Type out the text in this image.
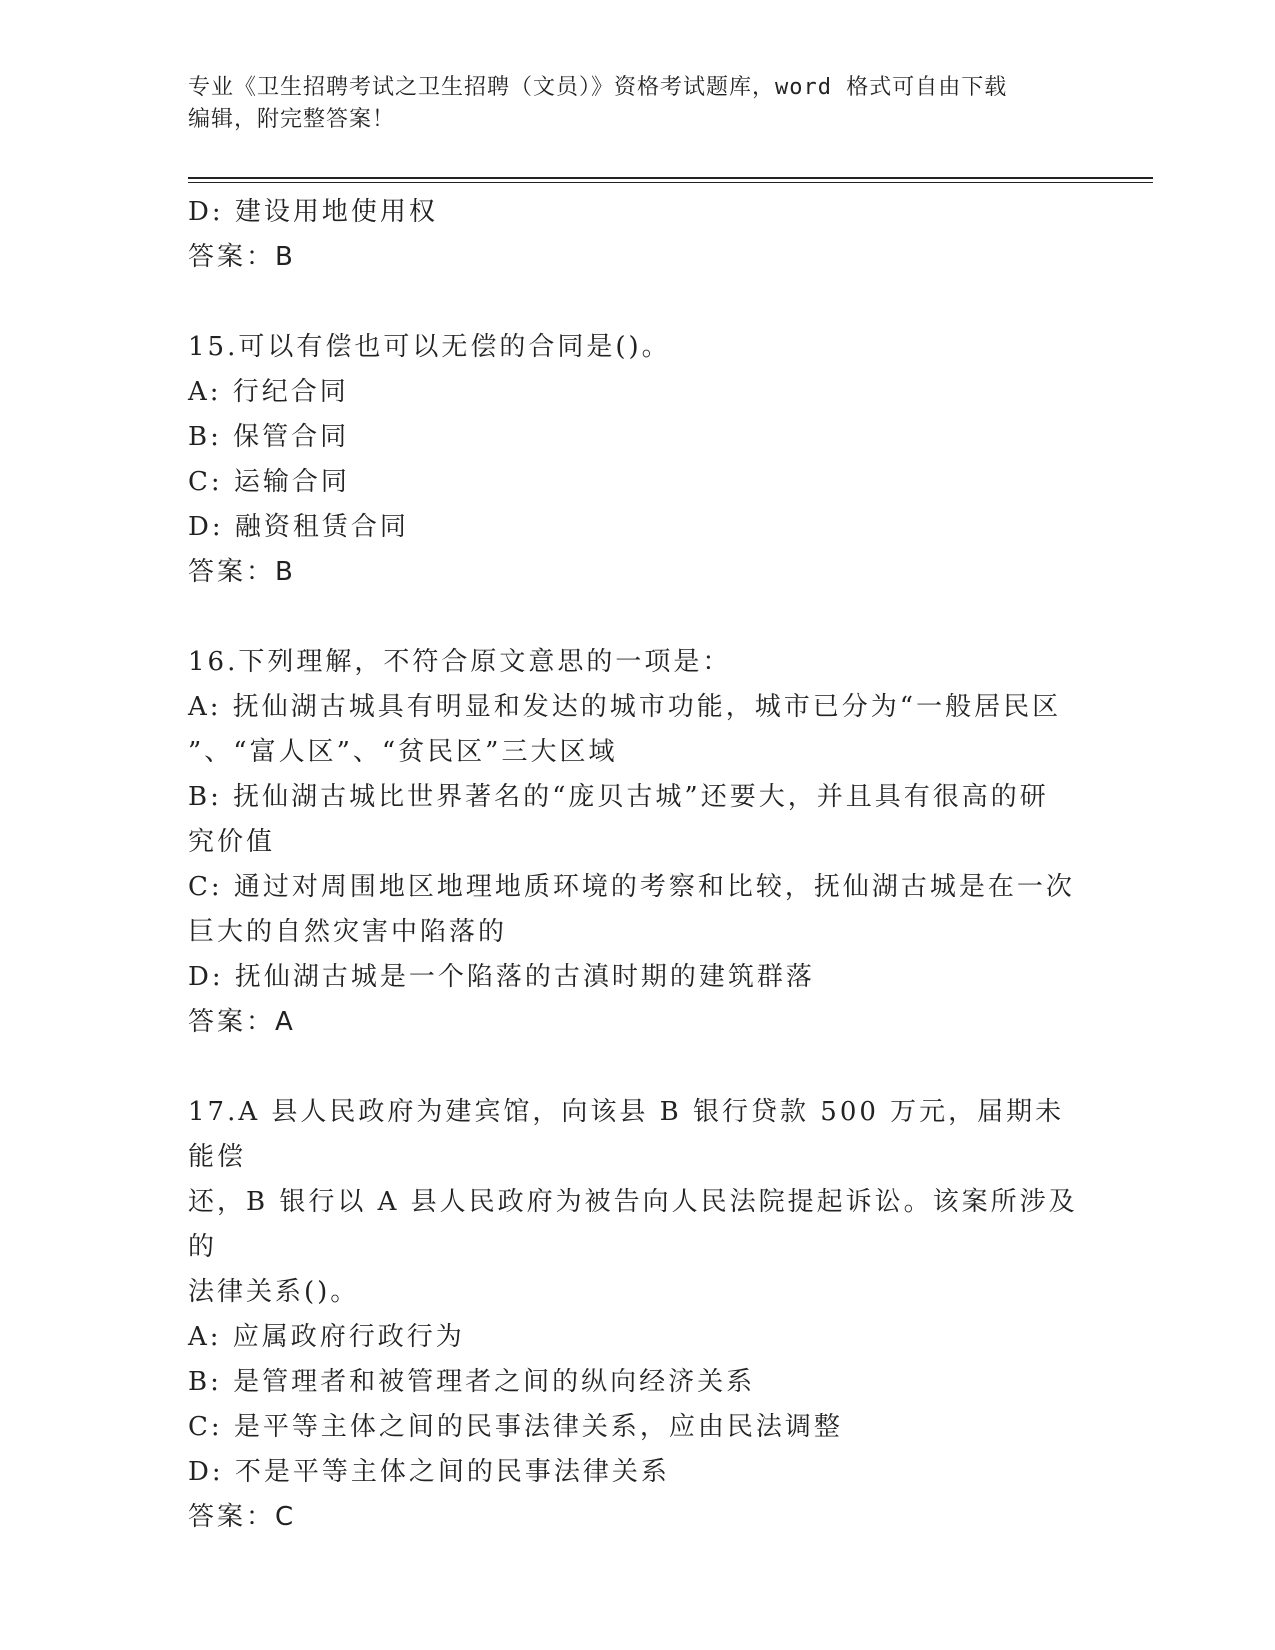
专业《卫生招聘考试之卫生招聘（文员）》资格考试题库，word 格式可自由下载
编辑，附完整答案！
D: 建设用地使用权
答案：B
15.可以有偿也可以无偿的合同是()。
A: 行纪合同
B: 保管合同
C: 运输合同
D: 融资租赁合同
答案：B
16.下列理解，不符合原文意思的一项是：
A: 抚仙湖古城具有明显和发达的城市功能，城市已分为“一般居民区
”、“富人区”、“贫民区”三大区域
B: 抚仙湖古城比世界著名的“庞贝古城”还要大，并且具有很高的研
究价值
C: 通过对周围地区地理地质环境的考察和比较，抚仙湖古城是在一次
巨大的自然灾害中陷落的
D: 抚仙湖古城是一个陷落的古滇时期的建筑群落
答案：A
17.A 县人民政府为建宾馆，向该县 B 银行贷款 500 万元，届期未能偿
还，B 银行以 A 县人民政府为被告向人民法院提起诉讼。该案所涉及的
法律关系()。
A: 应属政府行政行为
B: 是管理者和被管理者之间的纵向经济关系
C: 是平等主体之间的民事法律关系，应由民法调整
D: 不是平等主体之间的民事法律关系
答案：C
